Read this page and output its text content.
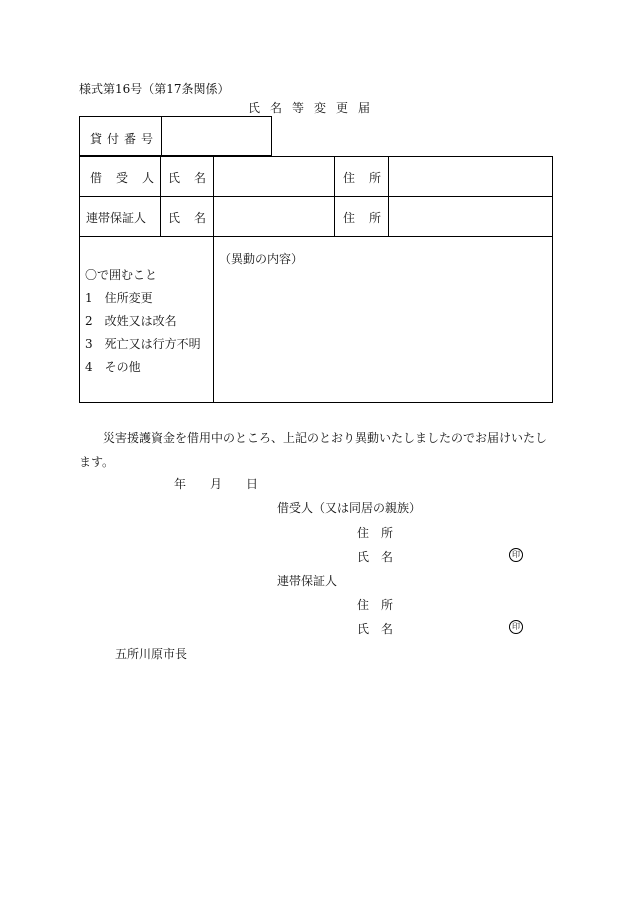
様式第16号（第17条関係）
氏名等変更届
貸付番号
借受人 氏名	住所
連帯保証人 氏名	住所
〇で囲むこと
1　住所変更
2　改姓又は改名
3　死亡又は行方不明
4　その他
（異動の内容）
災害援護資金を借用中のところ、上記のとおり異動いたしましたのでお届けいたします。
年　　月　　日
借受人（又は同居の親族）
住　所
氏　名	印
連帯保証人
住　所
氏　名	印
五所川原市長
